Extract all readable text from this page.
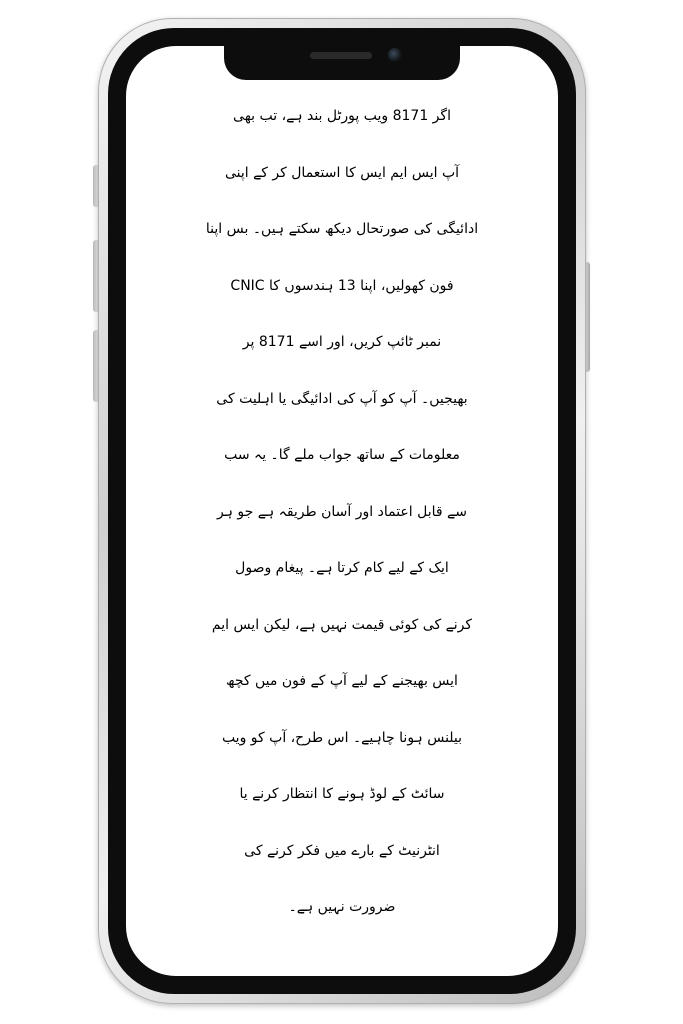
اگر 8171 ویب پورٹل بند ہے، تب بھی
آپ ایس ایم ایس کا استعمال کر کے اپنی
ادائیگی کی صورتحال دیکھ سکتے ہیں۔ بس اپنا
فون کھولیں، اپنا 13 ہندسوں کا CNIC
نمبر ٹائپ کریں، اور اسے 8171 پر
بھیجیں۔ آپ کو آپ کی ادائیگی یا اہلیت کی
معلومات کے ساتھ جواب ملے گا۔ یہ سب
سے قابل اعتماد اور آسان طریقہ ہے جو ہر
ایک کے لیے کام کرتا ہے۔ پیغام وصول
کرنے کی کوئی قیمت نہیں ہے، لیکن ایس ایم
ایس بھیجنے کے لیے آپ کے فون میں کچھ
بیلنس ہونا چاہیے۔ اس طرح، آپ کو ویب
سائٹ کے لوڈ ہونے کا انتظار کرنے یا
انٹرنیٹ کے بارے میں فکر کرنے کی
ضرورت نہیں ہے۔
